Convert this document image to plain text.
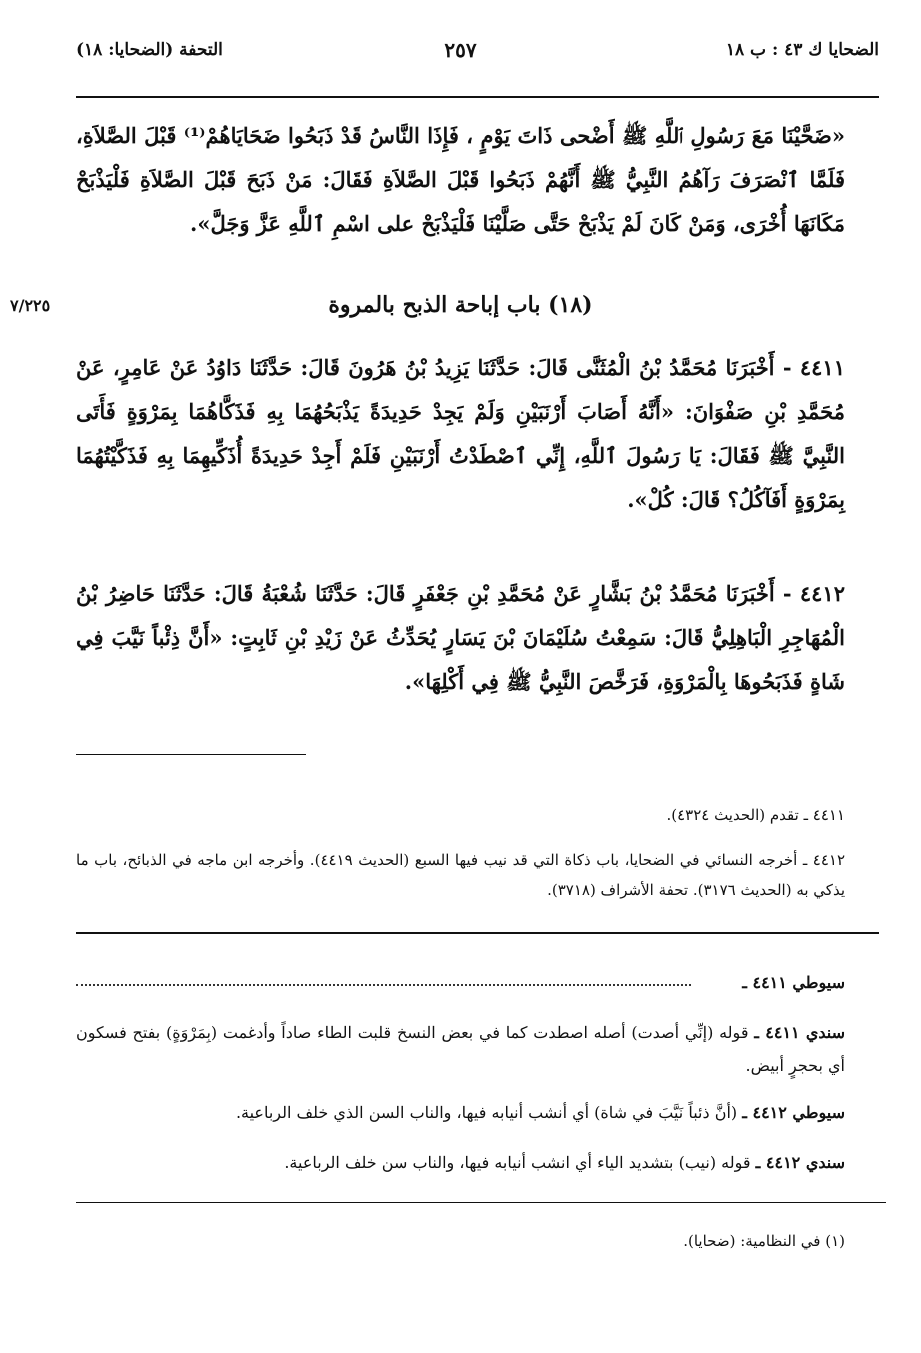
الضحايا ك ٤٣ : ب ١٨
٢٥٧
التحفة (الضحايا: ١٨)
«ضَحَّيْنَا مَعَ رَسُولِ ٱللَّهِ ﷺ أَضْحى ذَاتَ يَوْمٍ ، فَإِذَا النَّاسُ قَدْ ذَبَحُوا ضَحَايَاهُمْ⁽¹⁾ قَبْلَ الصَّلاَةِ، فَلَمَّا ٱنْصَرَفَ رَآهُمُ النَّبِيُّ ﷺ أَنَّهُمْ ذَبَحُوا قَبْلَ الصَّلاَةِ فَقَالَ: مَنْ ذَبَحَ قَبْلَ الصَّلاَةِ فَلْيَذْبَحْ مَكَانَهَا أُخْرَى، وَمَنْ كَانَ لَمْ يَذْبَحْ حَتَّى صَلَّيْنَا فَلْيَذْبَحْ على اسْمِ ٱللَّهِ عَزَّ وَجَلَّ».
(١٨) باب إباحة الذبح بالمروة
٧/٢٢٥
٤٤١١ - أَخْبَرَنَا مُحَمَّدُ بْنُ الْمُثَنَّى قَالَ: حَدَّثَنَا يَزِيدُ بْنُ هَرُونَ قَالَ: حَدَّثَنَا دَاوُدُ عَنْ عَامِرٍ، عَنْ مُحَمَّدِ بْنِ صَفْوَانَ: «أَنَّهُ أَصَابَ أَرْنَبَيْنِ وَلَمْ يَجِدْ حَدِيدَةً يَذْبَحُهُمَا بِهِ فَذَكَّاهُمَا بِمَرْوَةٍ فَأَتَى النَّبِيَّ ﷺ فَقَالَ: يَا رَسُولَ ٱللَّهِ، إِنِّي ٱصْطَدْتُ أَرْنَبَيْنِ فَلَمْ أَجِدْ حَدِيدَةً أُذَكِّيهِمَا بِهِ فَذَكَّيْتُهُمَا بِمَرْوَةٍ أَفَآكُلُ؟ قَالَ: كُلْ».
٤٤١٢ - أَخْبَرَنَا مُحَمَّدُ بْنُ بَشَّارٍ عَنْ مُحَمَّدِ بْنِ جَعْفَرٍ قَالَ: حَدَّثَنَا شُعْبَةُ قَالَ: حَدَّثَنَا حَاضِرُ بْنُ الْمُهَاجِرِ الْبَاهِلِيُّ قَالَ: سَمِعْتُ سُلَيْمَانَ بْنَ يَسَارٍ يُحَدِّثُ عَنْ زَيْدِ بْنِ ثَابِتٍ: «أَنَّ ذِئْباً نَيَّبَ فِي شَاةٍ فَذَبَحُوهَا بِالْمَرْوَةِ، فَرَخَّصَ النَّبِيُّ ﷺ فِي أَكْلِهَا».
٤٤١١ ـ تقدم (الحديث ٤٣٢٤).
٤٤١٢ ـ أخرجه النسائي في الضحايا، باب ذكاة التي قد نيب فيها السبع (الحديث ٤٤١٩). وأخرجه ابن ماجه في الذبائح، باب ما يذكي به (الحديث ٣١٧٦). تحفة الأشراف (٣٧١٨).
سيوطي ٤٤١١ ـ
سندي ٤٤١١ ـ قوله (إنِّي أصدت) أصله اصطدت كما في بعض النسخ قلبت الطاء صاداً وأدغمت (بِمَرْوَةٍ) بفتح فسكون أي بحجرٍ أبيض.
سيوطي ٤٤١٢ ـ (أنَّ ذئباً نَيَّبَ في شاة) أي أنشب أنيابه فيها، والناب السن الذي خلف الرباعية.
سندي ٤٤١٢ ـ قوله (نيب) بتشديد الياء أي انشب أنيابه فيها، والناب سن خلف الرباعية.
(١) في النظامية: (ضحايا).
